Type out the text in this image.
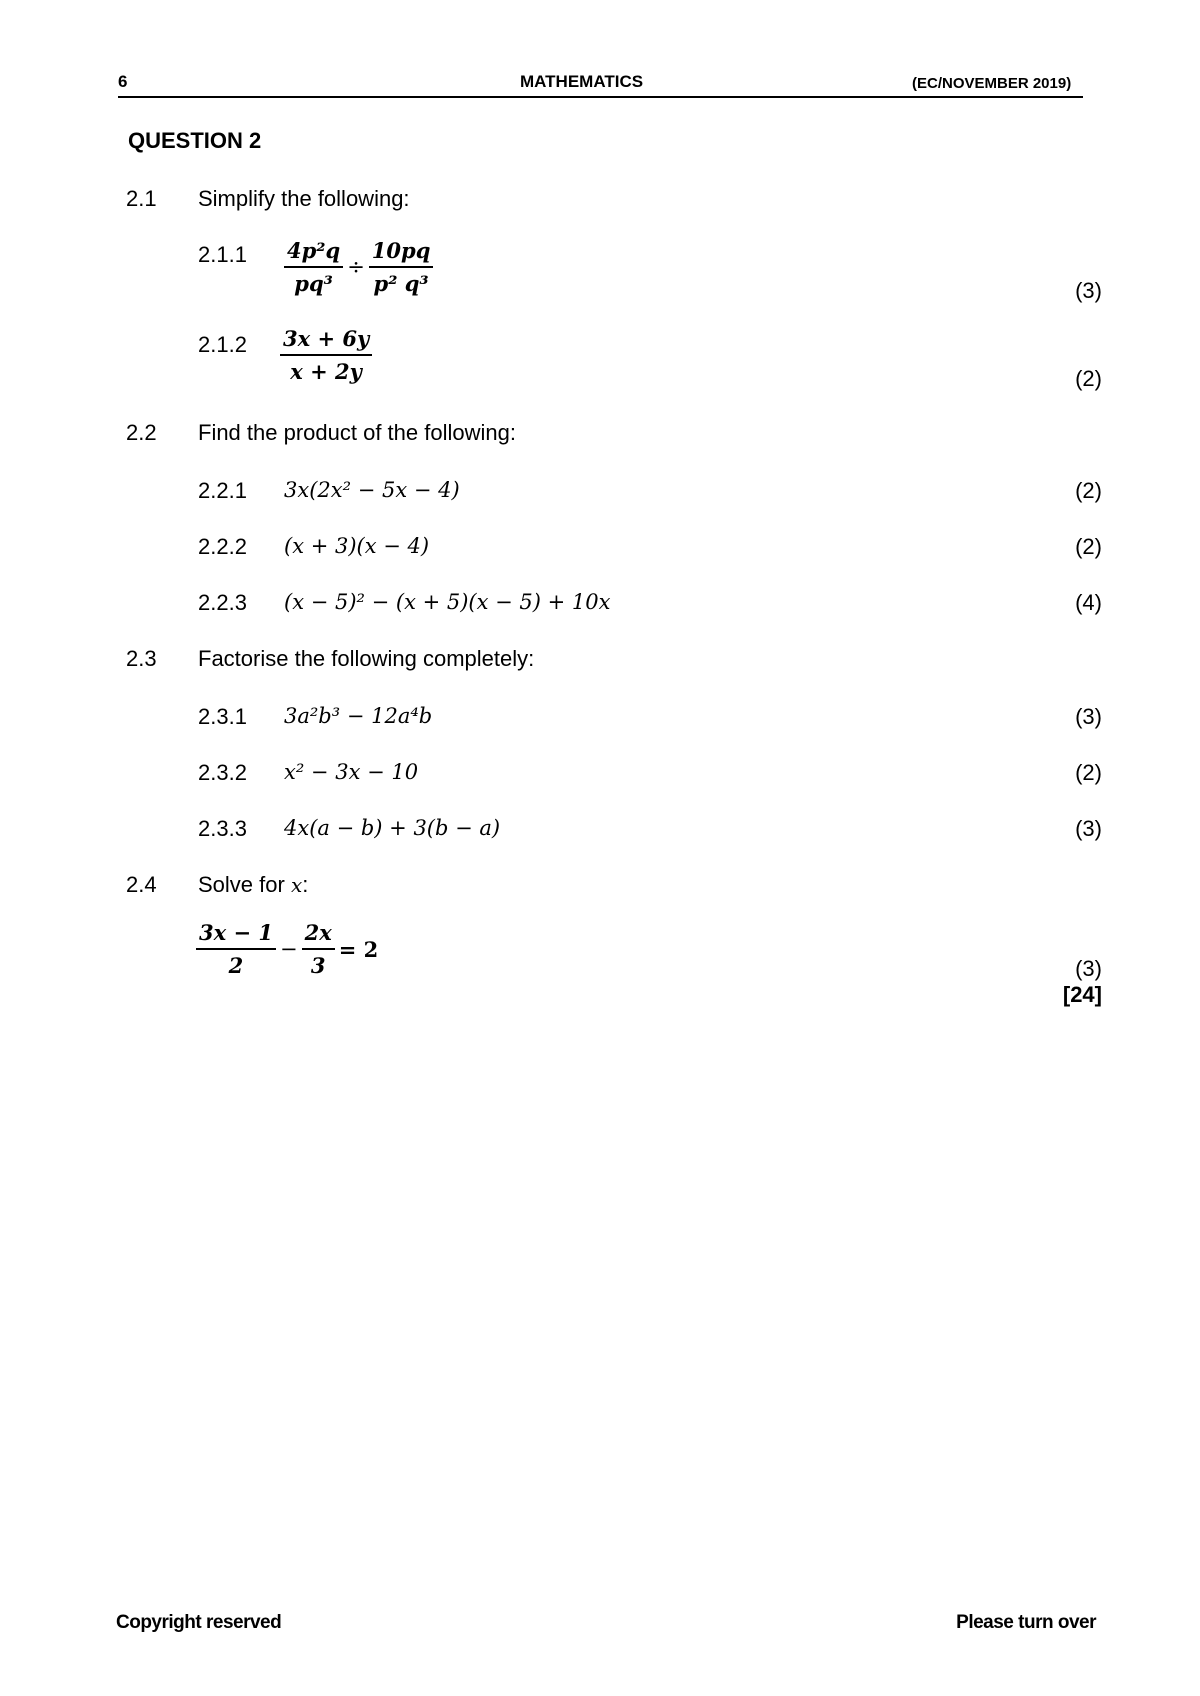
6	MATHEMATICS	(EC/NOVEMBER 2019)
QUESTION 2
2.1 Simplify the following:
$2.1.1 \frac{\text{4p²q}}{\text{pq³}} \div \frac{10pq}{\text{p² q³}}$	(3)
$2.1.2 \frac{3x + 6y}{x + 2y}$	(2)
2.2 Find the product of the following:
2.2.1 3x(2x² − 5x − 4)	(2)
2.2.2 (x + 3)(x − 4)	(2)
2.2.3 (x − 5)² − (x + 5)(x − 5) + 10x	(4)
2.3 Factorise the following completely:
2.3.1 3a²b³ − 12a⁴b	(3)
2.3.2 x² − 3x − 10	(2)
2.3.3 4x(a − b) + 3(b − a)	(3)
2.4 Solve for x:
$\frac{3x - 1}{2} - \frac{2x}{3} = 2$
(3)
[24]
Copyright reserved	Please turn over
